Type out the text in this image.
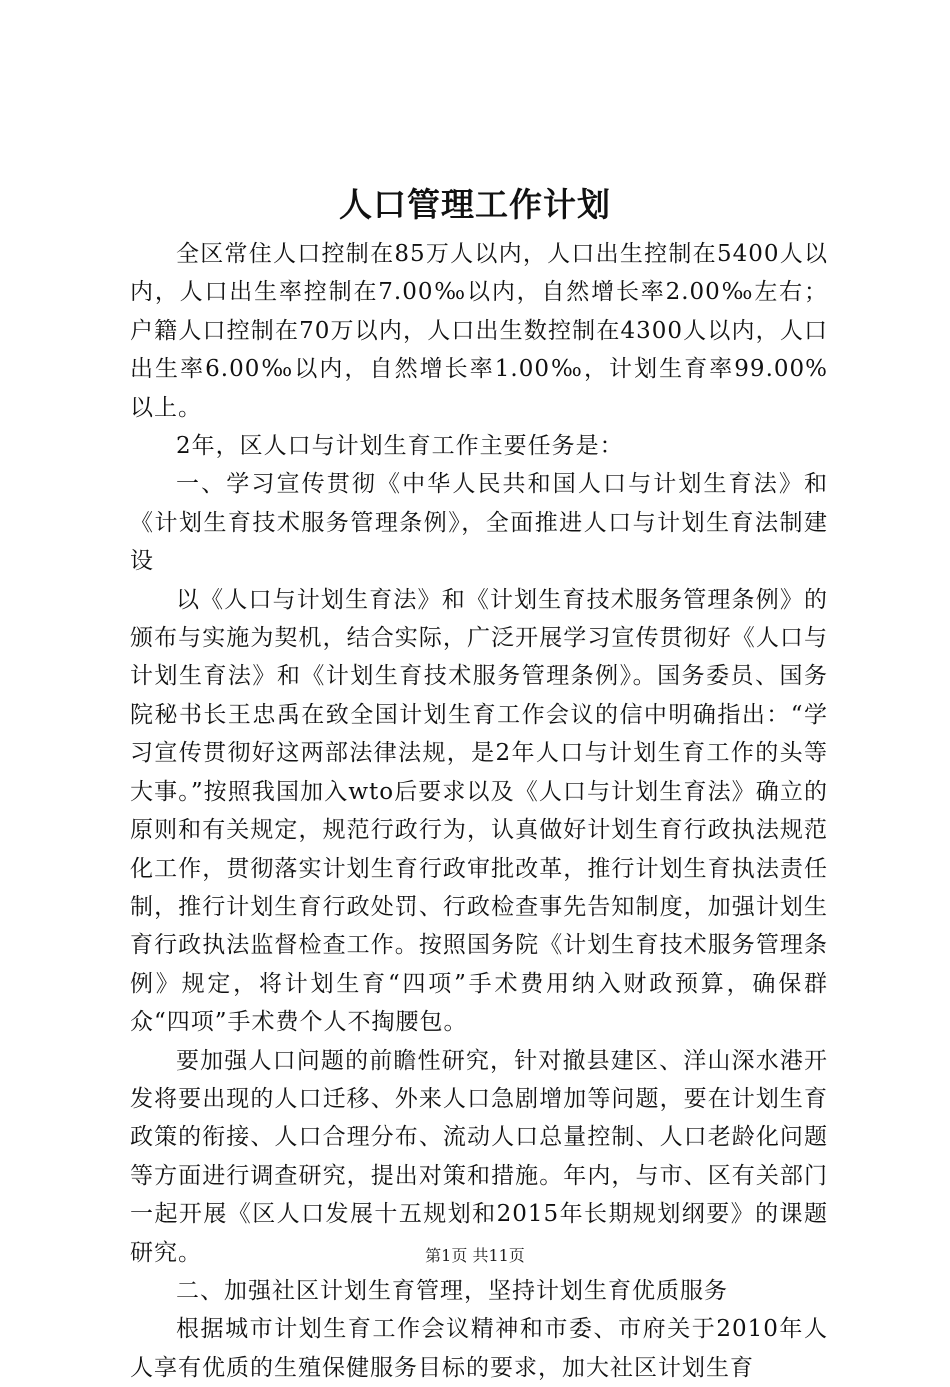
人口管理工作计划

全区常住人口控制在85万人以内，人口出生控制在5400人以内，人口出生率控制在7.00‰以内，自然增长率2.00‰左右；户籍人口控制在70万以内，人口出生数控制在4300人以内，人口出生率6.00‰以内，自然增长率1.00‰，计划生育率99.00%以上。

2年，区人口与计划生育工作主要任务是：

一、学习宣传贯彻《中华人民共和国人口与计划生育法》和《计划生育技术服务管理条例》，全面推进人口与计划生育法制建设

以《人口与计划生育法》和《计划生育技术服务管理条例》的颁布与实施为契机，结合实际，广泛开展学习宣传贯彻好《人口与计划生育法》和《计划生育技术服务管理条例》。国务委员、国务院秘书长王忠禹在致全国计划生育工作会议的信中明确指出：“学习宣传贯彻好这两部法律法规，是2年人口与计划生育工作的头等大事。”按照我国加入wto后要求以及《人口与计划生育法》确立的原则和有关规定，规范行政行为，认真做好计划生育行政执法规范化工作，贯彻落实计划生育行政审批改革，推行计划生育执法责任制，推行计划生育行政处罚、行政检查事先告知制度，加强计划生育行政执法监督检查工作。按照国务院《计划生育技术服务管理条例》规定，将计划生育“四项”手术费用纳入财政预算，确保群众“四项”手术费个人不掏腰包。

要加强人口问题的前瞻性研究，针对撤县建区、洋山深水港开发将要出现的人口迁移、外来人口急剧增加等问题，要在计划生育政策的衔接、人口合理分布、流动人口总量控制、人口老龄化问题等方面进行调查研究，提出对策和措施。年内，与市、区有关部门一起开展《区人口发展十五规划和2015年长期规划纲要》的课题研究。

二、加强社区计划生育管理，坚持计划生育优质服务

根据城市计划生育工作会议精神和市委、市府关于2010年人人享有优质的生殖保健服务目标的要求，加大社区计划生育

第1页 共11页
